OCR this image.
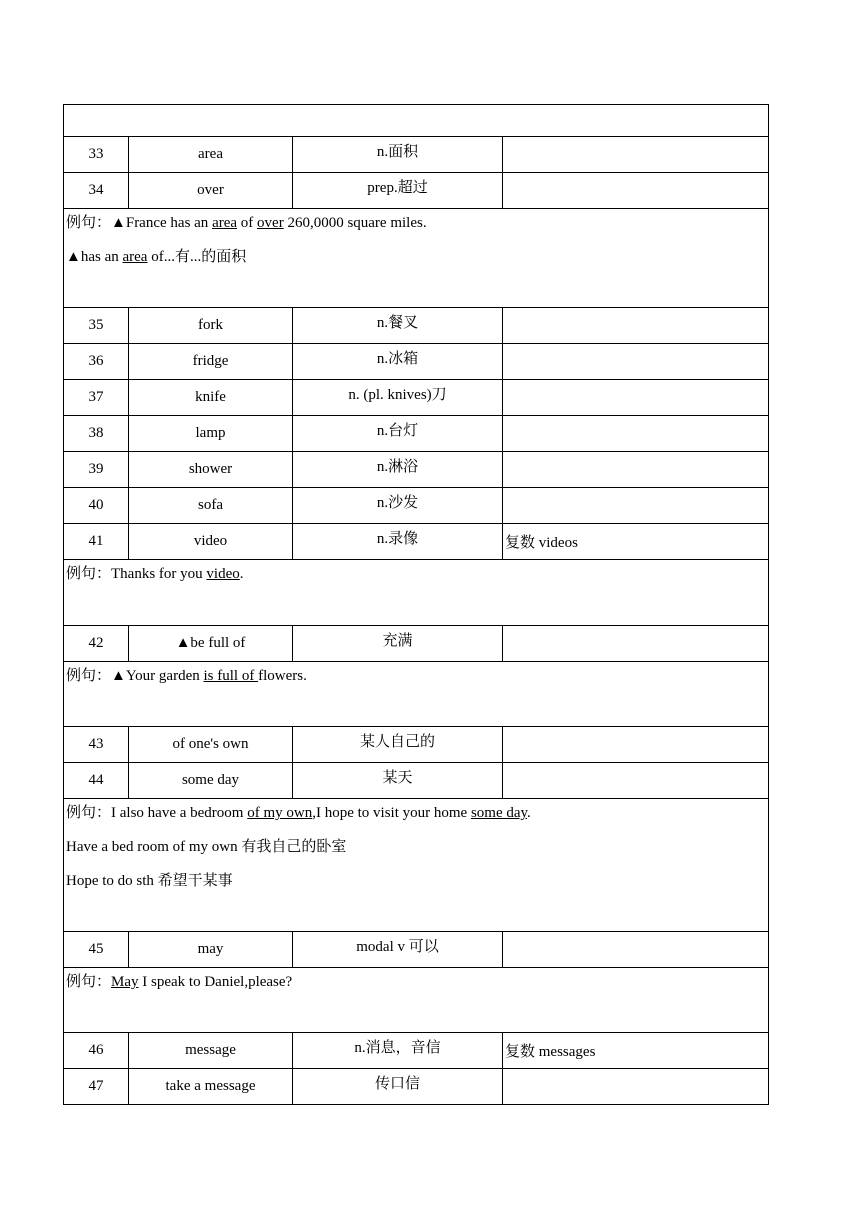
33	area	n.面积	
34	over	prep.超过	

例句：▲France has an area of over 260,0000 square miles.
▲has an area of...有...的面积			

35	fork	n.餐叉	
36	fridge	n.冰箱	
37	knife	n. (pl. knives)刀	
38	lamp	n.台灯	
39	shower	n.淋浴	
40	sofa	n.沙发	
41	video	n.录像	复数 videos

例句：Thanks for you video.			

42	▲be full of	充满	

例句：▲Your garden is full of flowers.			

43	of one's own	某人自己的	
44	some day	某天	

例句：I also have a bedroom of my own,I hope to visit your home some day.
Have a bed room of my own 有我自己的卧室
Hope to do sth 希望干某事			

45	may	modal v 可以	

例句：May I speak to Daniel,please?			

46	message	n.消息，音信	复数 messages
47	take a message	传口信	
